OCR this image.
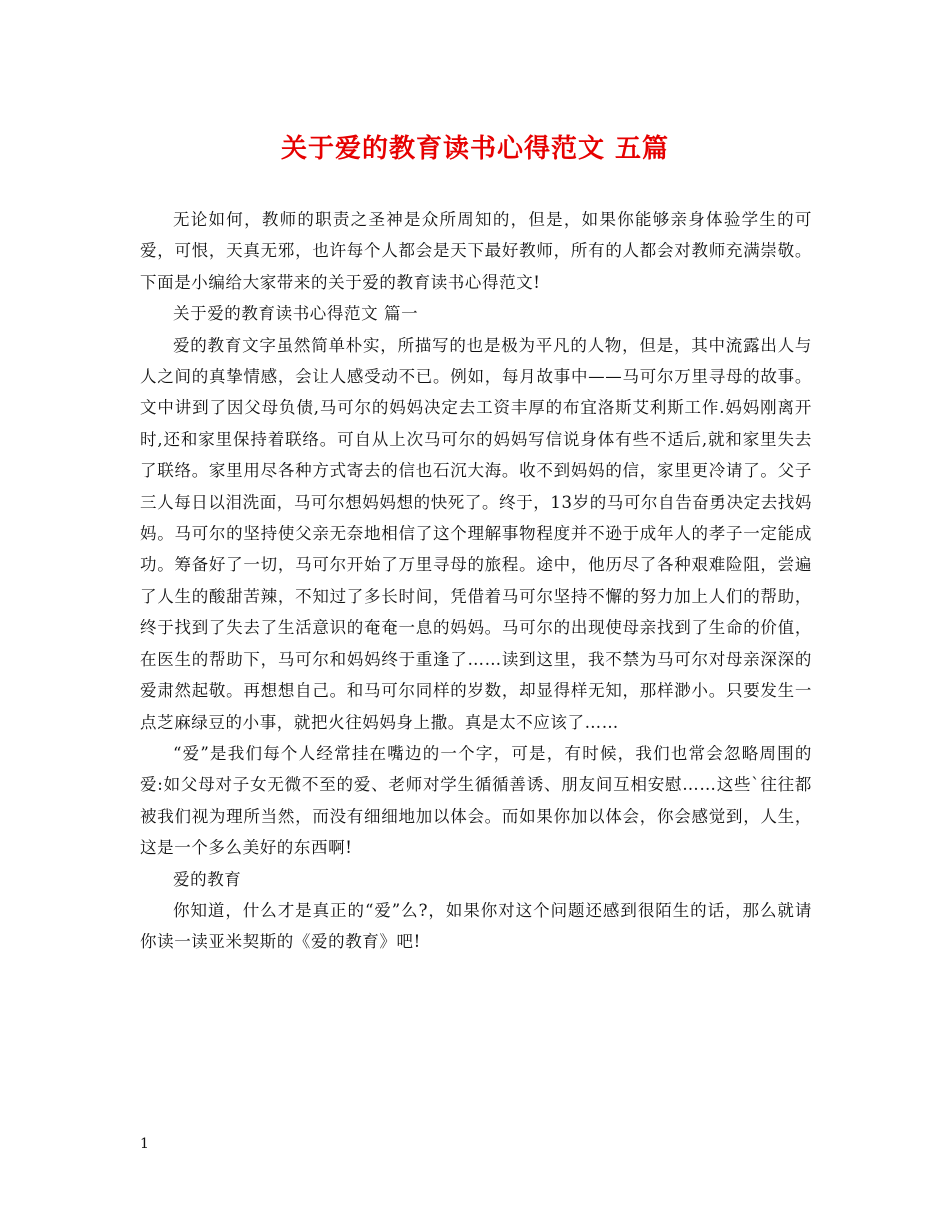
关于爱的教育读书心得范文 五篇

无论如何，教师的职责之圣神是众所周知的，但是，如果你能够亲身体验学生的可爱，可恨，天真无邪，也许每个人都会是天下最好教师，所有的人都会对教师充满崇敬。下面是小编给大家带来的关于爱的教育读书心得范文!

关于爱的教育读书心得范文 篇一

爱的教育文字虽然简单朴实，所描写的也是极为平凡的人物，但是，其中流露出人与人之间的真挚情感，会让人感受动不已。例如，每月故事中——马可尔万里寻母的故事。文中讲到了因父母负债,马可尔的妈妈决定去工资丰厚的布宜洛斯艾利斯工作.妈妈刚离开时,还和家里保持着联络。可自从上次马可尔的妈妈写信说身体有些不适后,就和家里失去了联络。家里用尽各种方式寄去的信也石沉大海。收不到妈妈的信，家里更冷请了。父子三人每日以泪洗面，马可尔想妈妈想的快死了。终于，13岁的马可尔自告奋勇决定去找妈妈。马可尔的坚持使父亲无奈地相信了这个理解事物程度并不逊于成年人的孝子一定能成功。筹备好了一切，马可尔开始了万里寻母的旅程。途中，他历尽了各种艰难险阻，尝遍了人生的酸甜苦辣，不知过了多长时间，凭借着马可尔坚持不懈的努力加上人们的帮助，终于找到了失去了生活意识的奄奄一息的妈妈。马可尔的出现使母亲找到了生命的价值，在医生的帮助下，马可尔和妈妈终于重逢了……读到这里，我不禁为马可尔对母亲深深的爱肃然起敬。再想想自己。和马可尔同样的岁数，却显得样无知，那样渺小。只要发生一点芝麻绿豆的小事，就把火往妈妈身上撒。真是太不应该了……

“爱”是我们每个人经常挂在嘴边的一个字，可是，有时候，我们也常会忽略周围的爱:如父母对子女无微不至的爱、老师对学生循循善诱、朋友间互相安慰……这些`往往都被我们视为理所当然，而没有细细地加以体会。而如果你加以体会，你会感觉到，人生，这是一个多么美好的东西啊!

爱的教育

你知道，什么才是真正的“爱”么?，如果你对这个问题还感到很陌生的话，那么就请你读一读亚米契斯的《爱的教育》吧!

1
